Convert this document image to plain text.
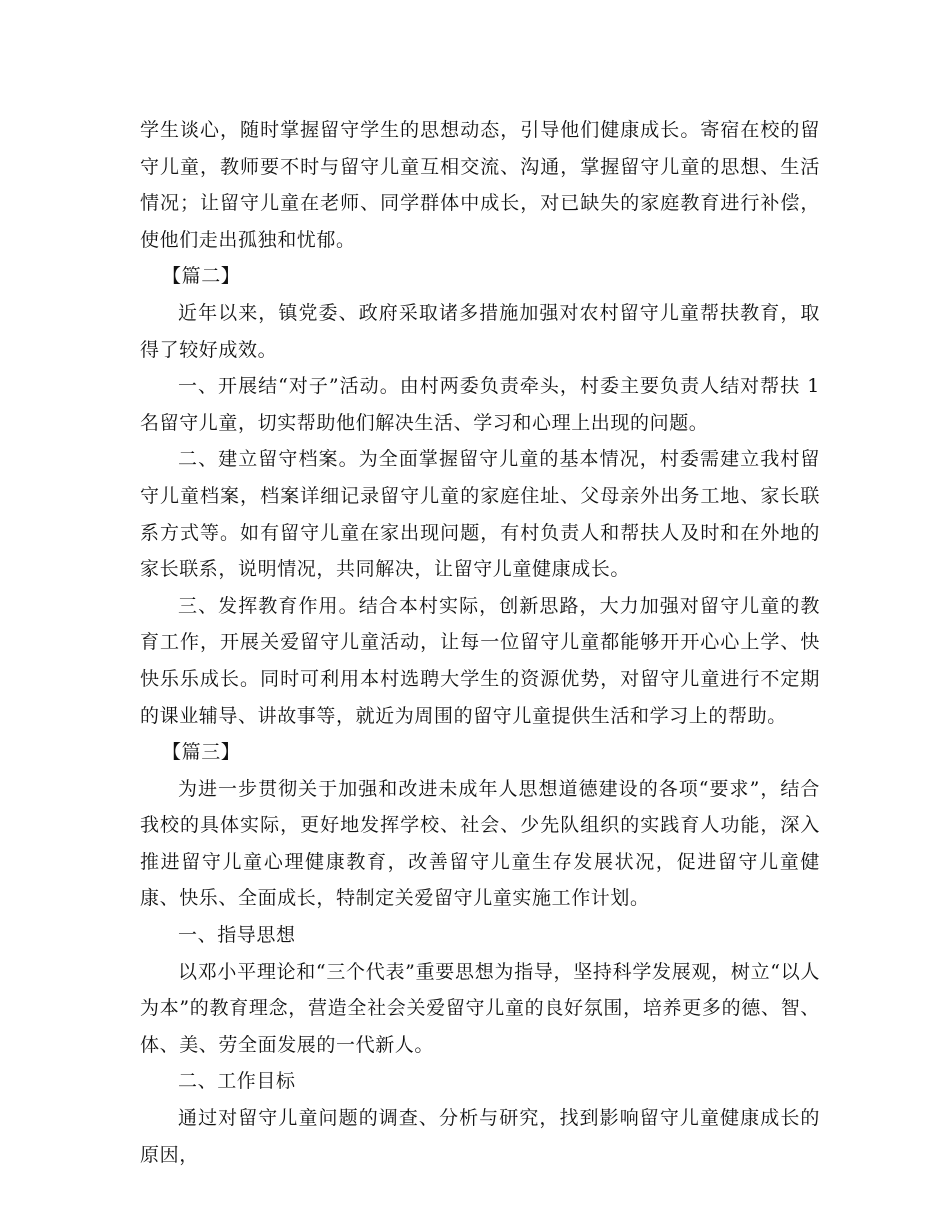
学生谈心，随时掌握留守学生的思想动态，引导他们健康成长。寄宿在校的留守儿童，教师要不时与留守儿童互相交流、沟通，掌握留守儿童的思想、生活情况；让留守儿童在老师、同学群体中成长，对已缺失的家庭教育进行补偿，使他们走出孤独和忧郁。

【篇二】

近年以来，镇党委、政府采取诸多措施加强对农村留守儿童帮扶教育，取得了较好成效。

一、开展结“对子”活动。由村两委负责牵头，村委主要负责人结对帮扶 1 名留守儿童，切实帮助他们解决生活、学习和心理上出现的问题。

二、建立留守档案。为全面掌握留守儿童的基本情况，村委需建立我村留守儿童档案，档案详细记录留守儿童的家庭住址、父母亲外出务工地、家长联系方式等。如有留守儿童在家出现问题，有村负责人和帮扶人及时和在外地的家长联系，说明情况，共同解决，让留守儿童健康成长。

三、发挥教育作用。结合本村实际，创新思路，大力加强对留守儿童的教育工作，开展关爱留守儿童活动，让每一位留守儿童都能够开开心心上学、快快乐乐成长。同时可利用本村选聘大学生的资源优势，对留守儿童进行不定期的课业辅导、讲故事等，就近为周围的留守儿童提供生活和学习上的帮助。

【篇三】

为进一步贯彻关于加强和改进未成年人思想道德建设的各项“要求”，结合我校的具体实际，更好地发挥学校、社会、少先队组织的实践育人功能，深入推进留守儿童心理健康教育，改善留守儿童生存发展状况，促进留守儿童健康、快乐、全面成长，特制定关爱留守儿童实施工作计划。

一、指导思想

以邓小平理论和“三个代表”重要思想为指导，坚持科学发展观，树立“以人为本”的教育理念，营造全社会关爱留守儿童的良好氛围，培养更多的德、智、体、美、劳全面发展的一代新人。

二、工作目标

通过对留守儿童问题的调查、分析与研究，找到影响留守儿童健康成长的原因，
